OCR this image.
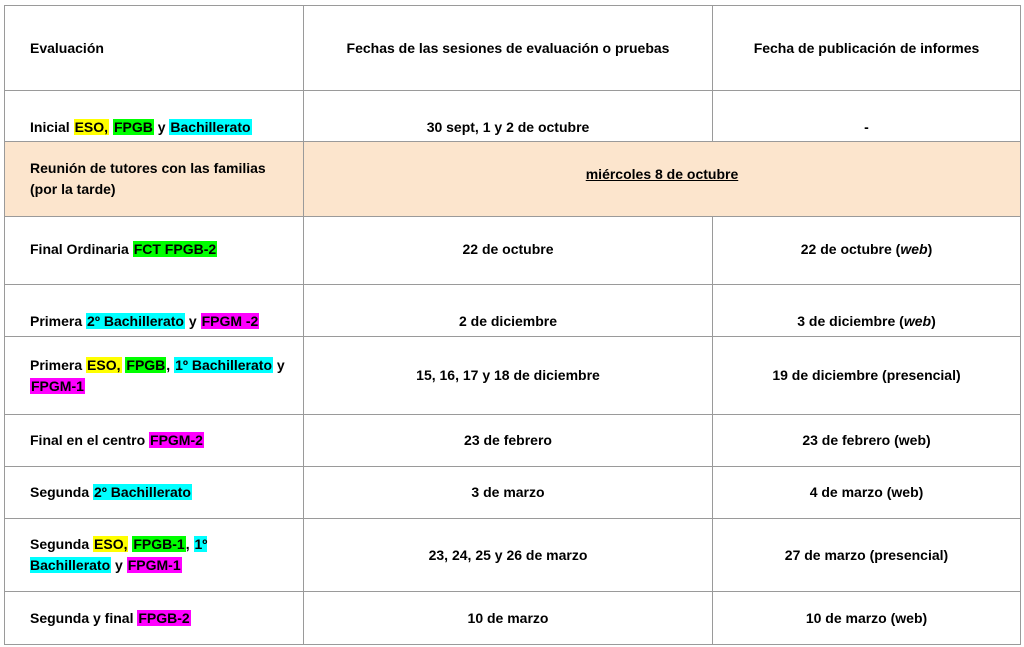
Evaluación	Fechas de las sesiones de evaluación o pruebas	Fecha de publicación de informes
Inicial ESO, FPGB y Bachillerato	30 sept, 1 y 2 de octubre	-
Reunión de tutores con las familias (por la tarde)	miércoles 8 de octubre	
Final Ordinaria FCT FPGB-2	22 de octubre	22 de octubre (web)
Primera 2º Bachillerato y FPGM -2	2 de diciembre	3 de diciembre (web)
Primera ESO, FPGB, 1º Bachillerato y FPGM-1	15, 16, 17 y 18 de diciembre	19 de diciembre (presencial)
Final en el centro FPGM-2	23 de febrero	23 de febrero (web)
Segunda 2º Bachillerato	3 de marzo	4 de marzo (web)
Segunda ESO, FPGB-1, 1º Bachillerato y FPGM-1	23, 24, 25 y 26 de marzo	27 de marzo (presencial)
Segunda y final FPGB-2	10 de marzo	10 de marzo (web)
